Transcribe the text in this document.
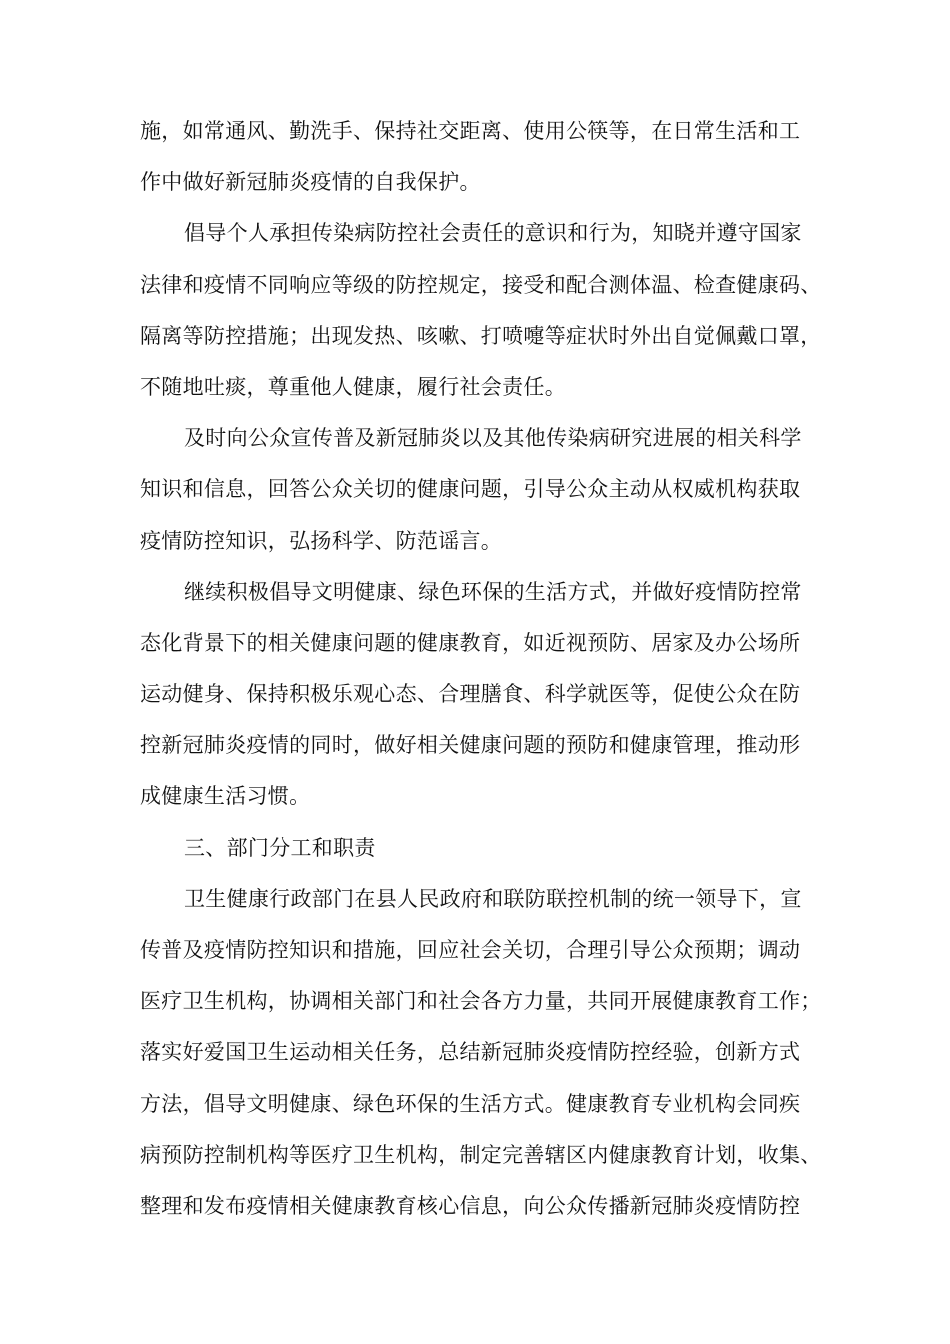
施，如常通风、勤洗手、保持社交距离、使用公筷等，在日常生活和工
作中做好新冠肺炎疫情的自我保护。
倡导个人承担传染病防控社会责任的意识和行为，知晓并遵守国家
法律和疫情不同响应等级的防控规定，接受和配合测体温、检查健康码、
隔离等防控措施；出现发热、咳嗽、打喷嚏等症状时外出自觉佩戴口罩，
不随地吐痰，尊重他人健康，履行社会责任。
及时向公众宣传普及新冠肺炎以及其他传染病研究进展的相关科学
知识和信息，回答公众关切的健康问题，引导公众主动从权威机构获取
疫情防控知识，弘扬科学、防范谣言。
继续积极倡导文明健康、绿色环保的生活方式，并做好疫情防控常
态化背景下的相关健康问题的健康教育，如近视预防、居家及办公场所
运动健身、保持积极乐观心态、合理膳食、科学就医等，促使公众在防
控新冠肺炎疫情的同时，做好相关健康问题的预防和健康管理，推动形
成健康生活习惯。
三、部门分工和职责
卫生健康行政部门在县人民政府和联防联控机制的统一领导下，宣
传普及疫情防控知识和措施，回应社会关切，合理引导公众预期；调动
医疗卫生机构，协调相关部门和社会各方力量，共同开展健康教育工作；
落实好爱国卫生运动相关任务，总结新冠肺炎疫情防控经验，创新方式
方法，倡导文明健康、绿色环保的生活方式。健康教育专业机构会同疾
病预防控制机构等医疗卫生机构，制定完善辖区内健康教育计划，收集、
整理和发布疫情相关健康教育核心信息，向公众传播新冠肺炎疫情防控
